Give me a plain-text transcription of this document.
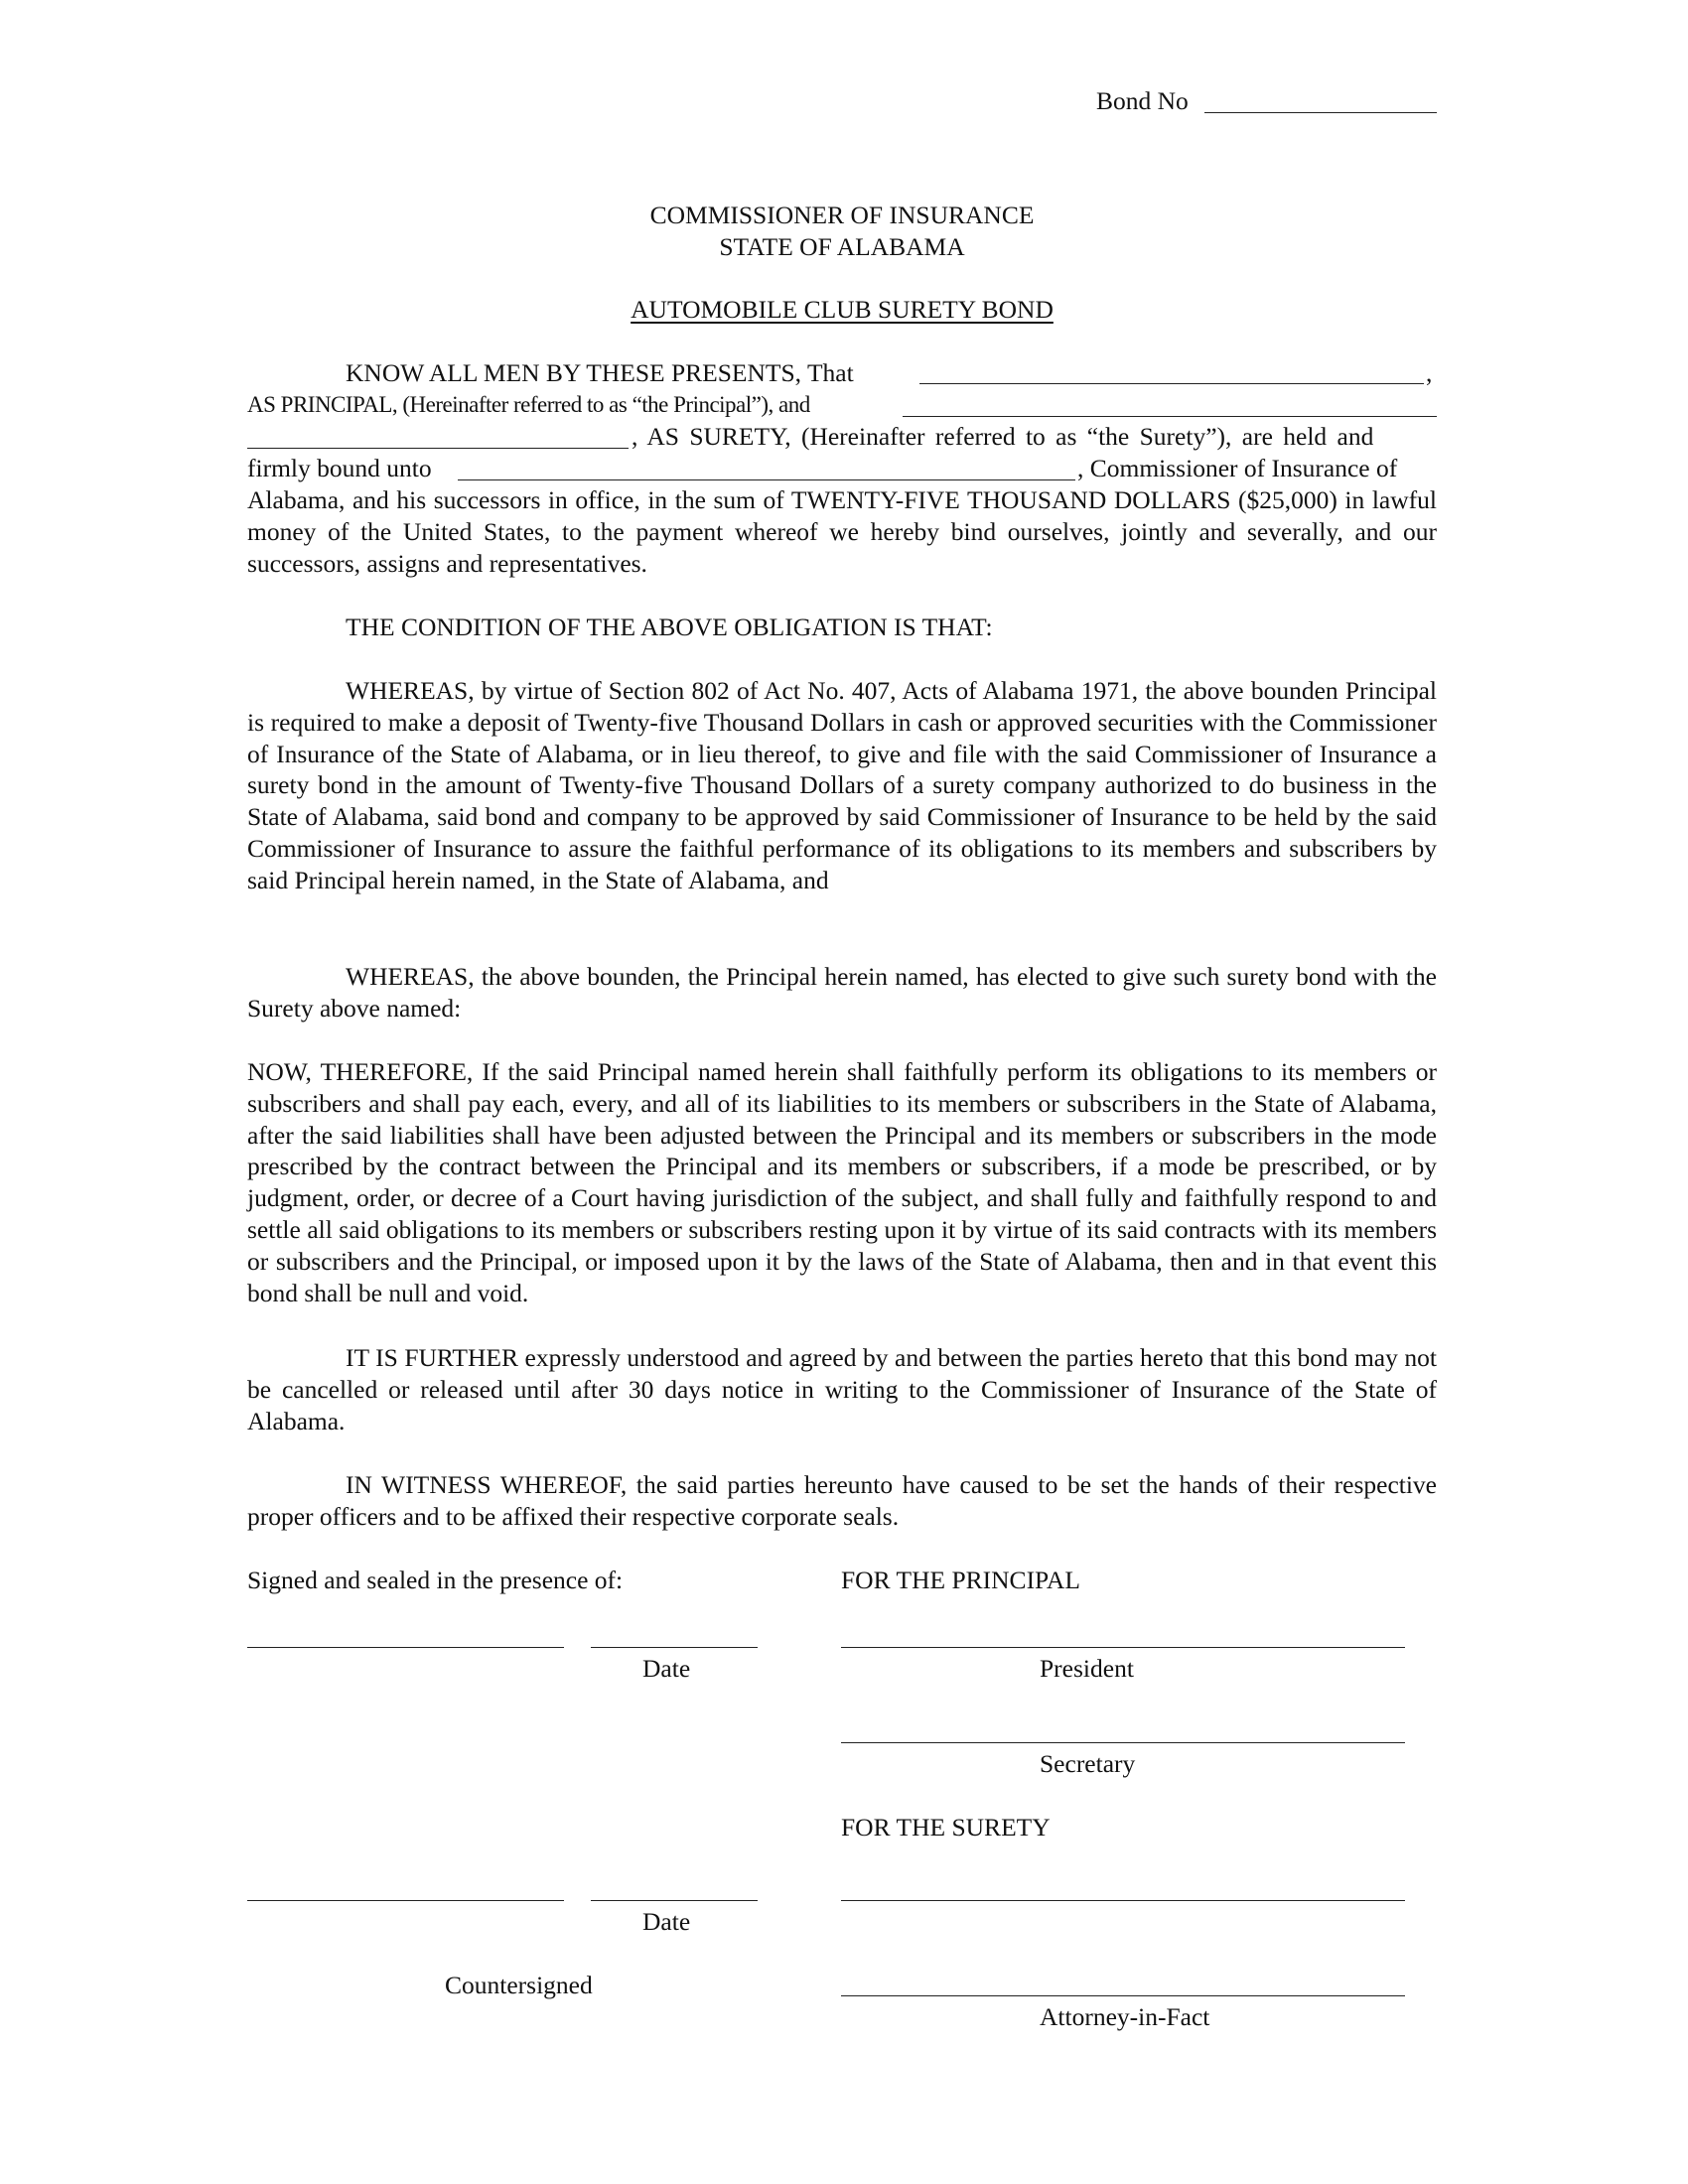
Bond No
COMMISSIONER OF INSURANCE
STATE OF ALABAMA
AUTOMOBILE CLUB SURETY BOND
KNOW ALL MEN BY THESE PRESENTS, That	,
AS PRINCIPAL, (Hereinafter referred to as “the Principal”), and
, AS SURETY, (Hereinafter referred to as “the Surety”), are held and
firmly bound unto	, Commissioner of Insurance of
Alabama, and his successors in office, in the sum of TWENTY-FIVE THOUSAND DOLLARS ($25,000) in lawful money of the United States, to the payment whereof we hereby bind ourselves, jointly and severally, and our successors, assigns and representatives.
THE CONDITION OF THE ABOVE OBLIGATION IS THAT:
WHEREAS, by virtue of Section 802 of Act No. 407, Acts of Alabama 1971, the above bounden Principal is required to make a deposit of Twenty-five Thousand Dollars in cash or approved securities with the Commissioner of Insurance of the State of Alabama, or in lieu thereof, to give and file with the said Commissioner of Insurance a surety bond in the amount of Twenty-five Thousand Dollars of a surety company authorized to do business in the State of Alabama, said bond and company to be approved by said Commissioner of Insurance to be held by the said Commissioner of Insurance to assure the faithful performance of its obligations to its members and subscribers by said Principal herein named, in the State of Alabama, and
WHEREAS, the above bounden, the Principal herein named, has elected to give such surety bond with the Surety above named:
NOW, THEREFORE, If the said Principal named herein shall faithfully perform its obligations to its members or subscribers and shall pay each, every, and all of its liabilities to its members or subscribers in the State of Alabama, after the said liabilities shall have been adjusted between the Principal and its members or subscribers in the mode prescribed by the contract between the Principal and its members or subscribers, if a mode be prescribed, or by judgment, order, or decree of a Court having jurisdiction of the subject, and shall fully and faithfully respond to and settle all said obligations to its members or subscribers resting upon it by virtue of its said contracts with its members or subscribers and the Principal, or imposed upon it by the laws of the State of Alabama, then and in that event this bond shall be null and void.
IT IS FURTHER expressly understood and agreed by and between the parties hereto that this bond may not be cancelled or released until after 30 days notice in writing to the Commissioner of Insurance of the State of Alabama.
IN WITNESS WHEREOF, the said parties hereunto have caused to be set the hands of their respective proper officers and to be affixed their respective corporate seals.
Signed and sealed in the presence of:	FOR THE PRINCIPAL
Date	President
Secretary
FOR THE SURETY
Date
Countersigned
Attorney-in-Fact
